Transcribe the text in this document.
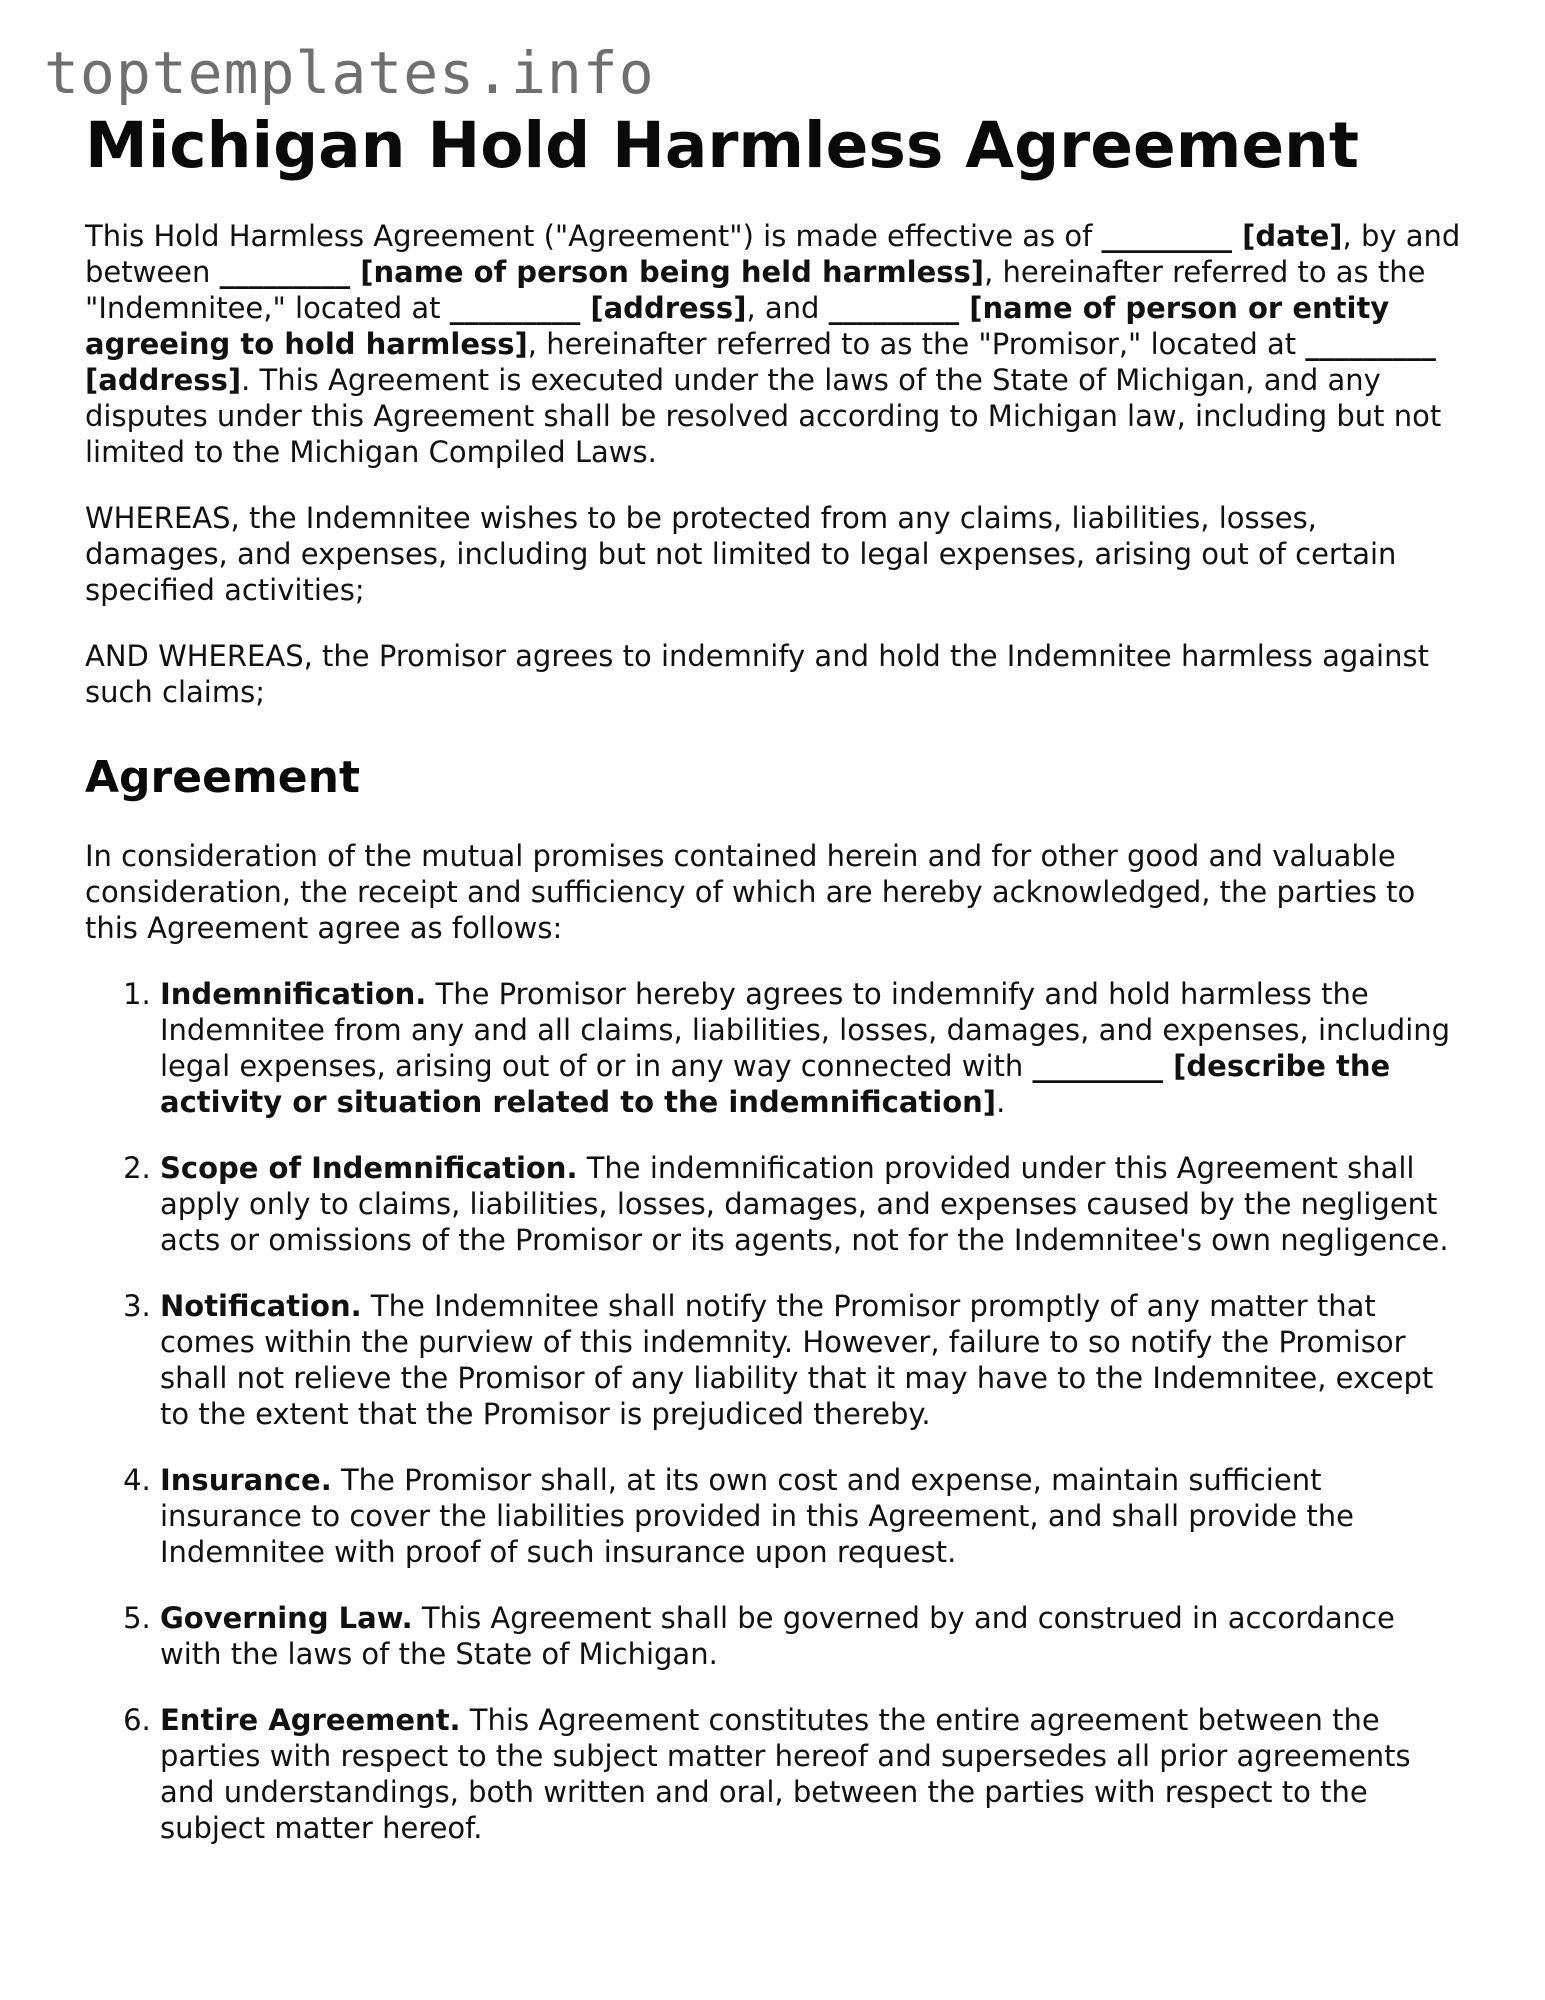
toptemplates.info
Michigan Hold Harmless Agreement

This Hold Harmless Agreement ("Agreement") is made effective as of _________ [date], by and between _________ [name of person being held harmless], hereinafter referred to as the "Indemnitee," located at _________ [address], and _________ [name of person or entity agreeing to hold harmless], hereinafter referred to as the "Promisor," located at _________ [address]. This Agreement is executed under the laws of the State of Michigan, and any disputes under this Agreement shall be resolved according to Michigan law, including but not limited to the Michigan Compiled Laws.

WHEREAS, the Indemnitee wishes to be protected from any claims, liabilities, losses, damages, and expenses, including but not limited to legal expenses, arising out of certain specified activities;

AND WHEREAS, the Promisor agrees to indemnify and hold the Indemnitee harmless against such claims;

Agreement

In consideration of the mutual promises contained herein and for other good and valuable consideration, the receipt and sufficiency of which are hereby acknowledged, the parties to this Agreement agree as follows:

1. Indemnification. The Promisor hereby agrees to indemnify and hold harmless the Indemnitee from any and all claims, liabilities, losses, damages, and expenses, including legal expenses, arising out of or in any way connected with _________ [describe the activity or situation related to the indemnification].
2. Scope of Indemnification. The indemnification provided under this Agreement shall apply only to claims, liabilities, losses, damages, and expenses caused by the negligent acts or omissions of the Promisor or its agents, not for the Indemnitee's own negligence.
3. Notification. The Indemnitee shall notify the Promisor promptly of any matter that comes within the purview of this indemnity. However, failure to so notify the Promisor shall not relieve the Promisor of any liability that it may have to the Indemnitee, except to the extent that the Promisor is prejudiced thereby.
4. Insurance. The Promisor shall, at its own cost and expense, maintain sufficient insurance to cover the liabilities provided in this Agreement, and shall provide the Indemnitee with proof of such insurance upon request.
5. Governing Law. This Agreement shall be governed by and construed in accordance with the laws of the State of Michigan.
6. Entire Agreement. This Agreement constitutes the entire agreement between the parties with respect to the subject matter hereof and supersedes all prior agreements and understandings, both written and oral, between the parties with respect to the subject matter hereof.
